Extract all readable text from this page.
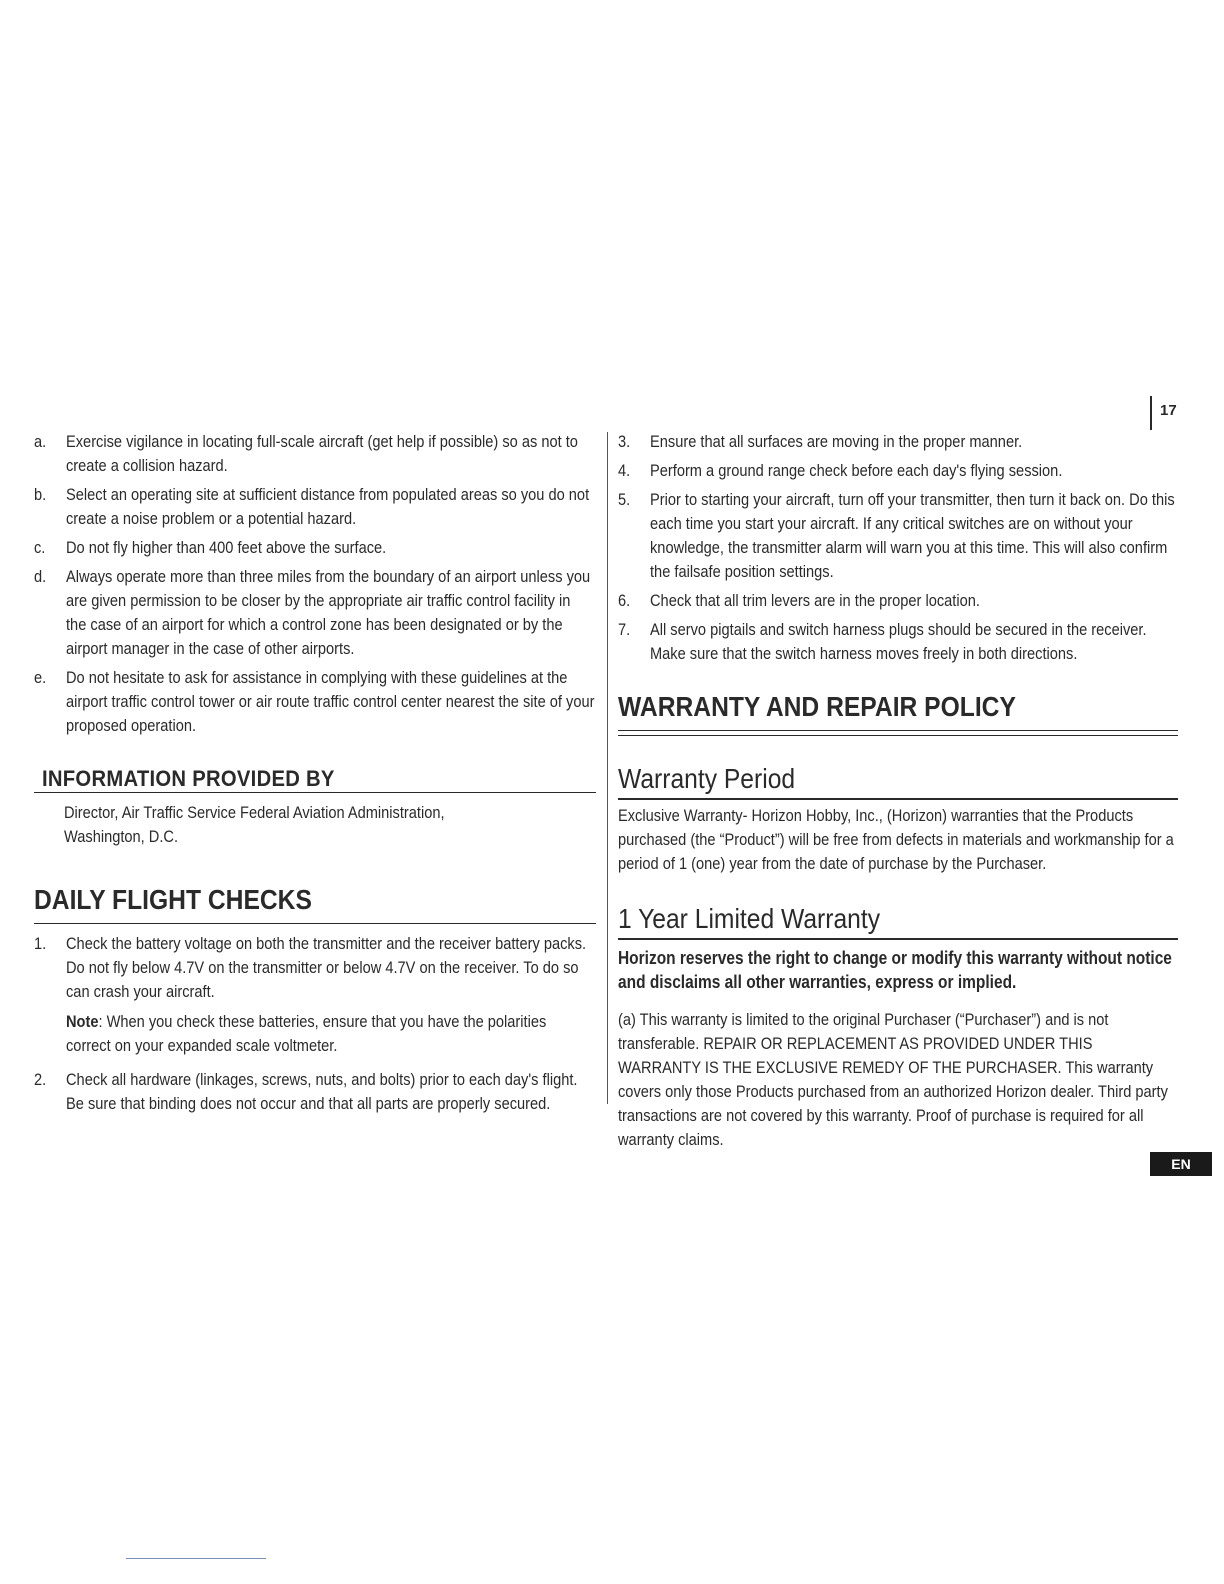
17
a.	Exercise vigilance in locating full-scale aircraft (get help if possible) so as not to create a collision hazard.

b.	Select an operating site at sufficient distance from populated areas so you do not create a noise problem or a potential hazard.

c.	Do not fly higher than 400 feet above the surface.

d.	Always operate more than three miles from the boundary of an airport unless you are given permission to be closer by the appropriate air traffic control facility in the case of an airport for which a control zone has been designated or by the airport manager in the case of other airports.

e.	Do not hesitate to ask for assistance in complying with these guidelines at the airport traffic control tower or air route traffic control center nearest the site of your proposed operation.

INFORMATION PROVIDED BY

Director, Air Traffic Service Federal Aviation Administration,

Washington, D.C.

DAILY FLIGHT CHECKS
1.	Check the battery voltage on both the transmitter and the receiver battery packs. Do not fly below 4.7V on the transmitter or below 4.7V on the receiver. To do so can crash your aircraft.

Note: When you check these batteries, ensure that you have the polarities correct on your expanded scale voltmeter.

2.	Check all hardware (linkages, screws, nuts, and bolts) prior to each day's flight. Be sure that binding does not occur and that all parts are properly secured.

3.	Ensure that all surfaces are moving in the proper manner.

4.	Perform a ground range check before each day's flying session.

5.	Prior to starting your aircraft, turn off your transmitter, then turn it back on. Do this each time you start your aircraft. If any critical switches are on without your knowledge, the transmitter alarm will warn you at this time. This will also confirm the failsafe position settings.

6.	Check that all trim levers are in the proper location.

7.	All servo pigtails and switch harness plugs should be secured in the receiver. Make sure that the switch harness moves freely in both directions.

WARRANTY AND REPAIR POLICY
Warranty Period

Exclusive Warranty- Horizon Hobby, Inc., (Horizon) warranties that the Products purchased (the “Product”) will be free from defects in materials and workmanship for a period of 1 (one) year from the date of purchase by the Purchaser.

1 Year Limited Warranty

Horizon reserves the right to change or modify this warranty without notice and disclaims all other warranties, express or implied.

(a) This warranty is limited to the original Purchaser (“Purchaser”) and is not transferable. REPAIR OR REPLACEMENT AS PROVIDED UNDER THIS WARRANTY IS THE EXCLUSIVE REMEDY OF THE PURCHASER. This warranty covers only those Products purchased from an authorized Horizon dealer. Third party transactions are not covered by this warranty. Proof of purchase is required for all warranty claims.

EN
